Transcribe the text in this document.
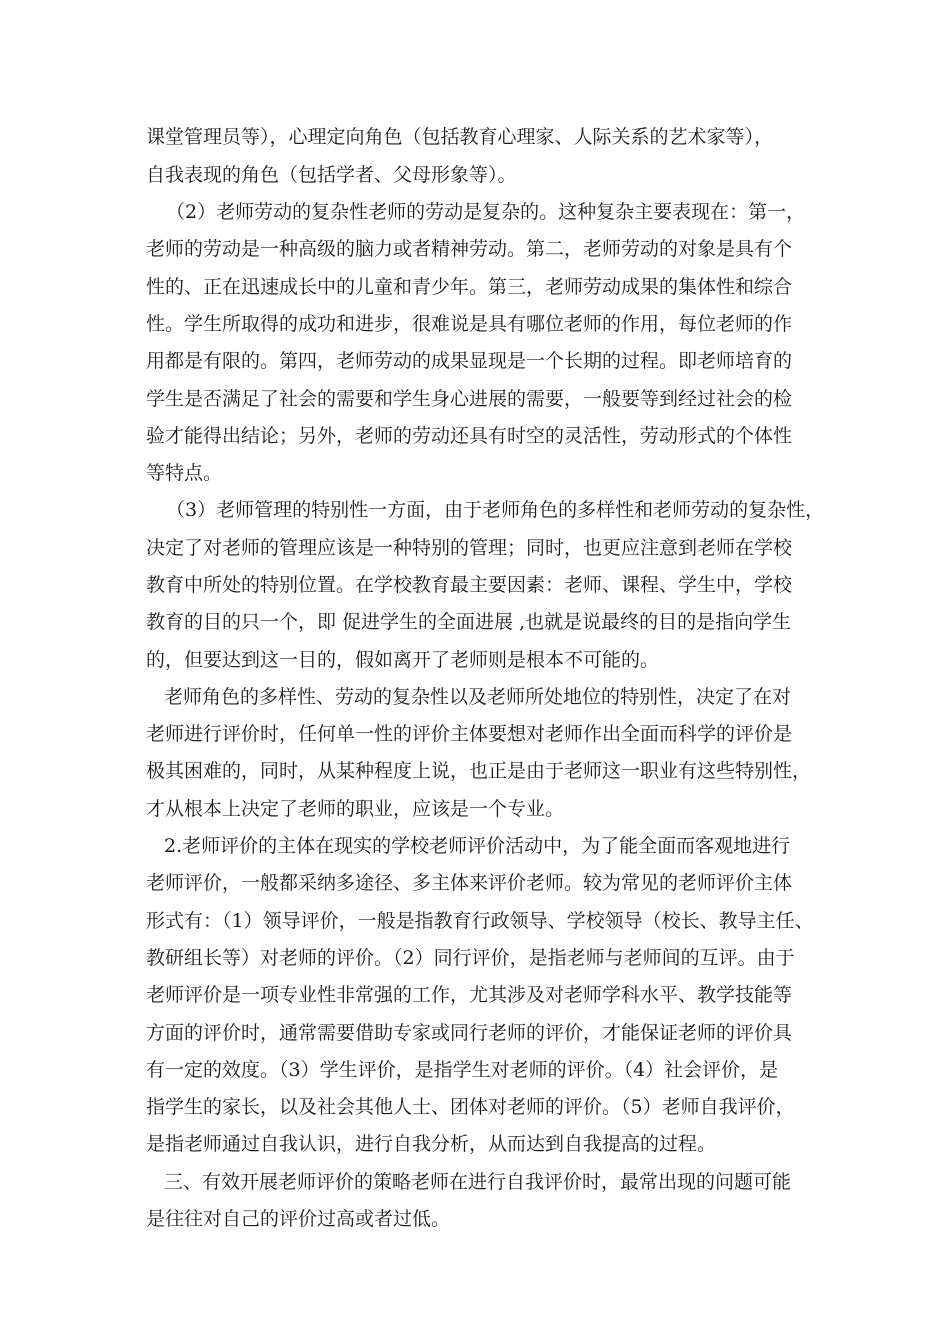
课堂管理员等），心理定向角色（包括教育心理家、人际关系的艺术家等），

自我表现的角色（包括学者、父母形象等）。

（2）老师劳动的复杂性老师的劳动是复杂的。这种复杂主要表现在：第一，

老师的劳动是一种高级的脑力或者精神劳动。第二，老师劳动的对象是具有个

性的、正在迅速成长中的儿童和青少年。第三，老师劳动成果的集体性和综合

性。学生所取得的成功和进步，很难说是具有哪位老师的作用，每位老师的作

用都是有限的。第四，老师劳动的成果显现是一个长期的过程。即老师培育的

学生是否满足了社会的需要和学生身心进展的需要，一般要等到经过社会的检

验才能得出结论；另外，老师的劳动还具有时空的灵活性，劳动形式的个体性

等特点。

（3）老师管理的特别性一方面，由于老师角色的多样性和老师劳动的复杂性，

决定了对老师的管理应该是一种特别的管理；同时，也更应注意到老师在学校

教育中所处的特别位置。在学校教育最主要因素：老师、课程、学生中，学校

教育的目的只一个，即 促进学生的全面进展 ,也就是说最终的目的是指向学生

的，但要达到这一目的，假如离开了老师则是根本不可能的。

老师角色的多样性、劳动的复杂性以及老师所处地位的特别性，决定了在对

老师进行评价时，任何单一性的评价主体要想对老师作出全面而科学的评价是

极其困难的，同时，从某种程度上说，也正是由于老师这一职业有这些特别性，

才从根本上决定了老师的职业，应该是一个专业。

2.老师评价的主体在现实的学校老师评价活动中，为了能全面而客观地进行

老师评价，一般都采纳多途径、多主体来评价老师。较为常见的老师评价主体

形式有：（1）领导评价，一般是指教育行政领导、学校领导（校长、教导主任、

教研组长等）对老师的评价。（2）同行评价，是指老师与老师间的互评。由于

老师评价是一项专业性非常强的工作，尤其涉及对老师学科水平、教学技能等

方面的评价时，通常需要借助专家或同行老师的评价，才能保证老师的评价具

有一定的效度。（3）学生评价，是指学生对老师的评价。（4）社会评价，是

指学生的家长，以及社会其他人士、团体对老师的评价。（5）老师自我评价，

是指老师通过自我认识，进行自我分析，从而达到自我提高的过程。

三、有效开展老师评价的策略老师在进行自我评价时，最常出现的问题可能

是往往对自己的评价过高或者过低。
